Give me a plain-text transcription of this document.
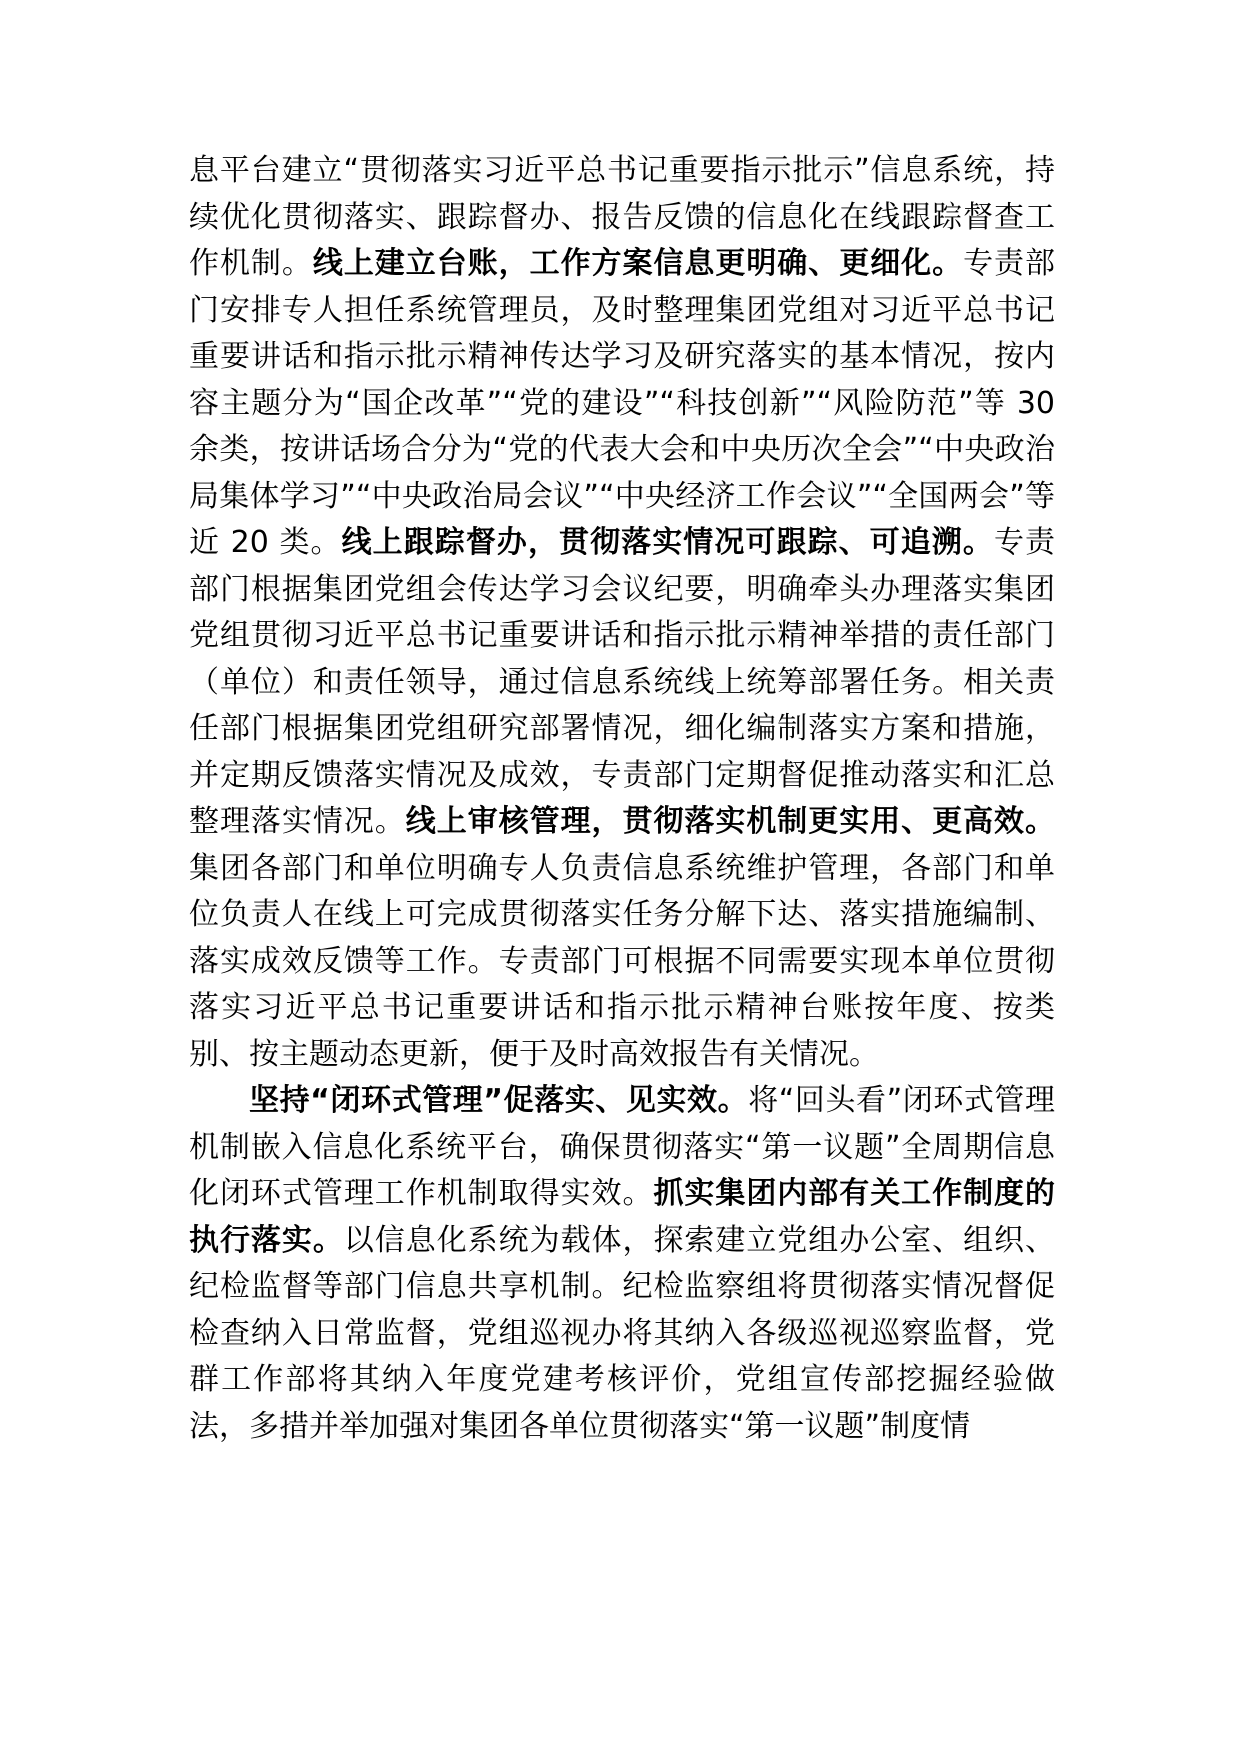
息平台建立“贯彻落实习近平总书记重要指示批示”信息系统，持续优化贯彻落实、跟踪督办、报告反馈的信息化在线跟踪督查工作机制。线上建立台账，工作方案信息更明确、更细化。专责部门安排专人担任系统管理员，及时整理集团党组对习近平总书记重要讲话和指示批示精神传达学习及研究落实的基本情况，按内容主题分为“国企改革”“党的建设”“科技创新”“风险防范”等 30 余类，按讲话场合分为“党的代表大会和中央历次全会”“中央政治局集体学习”“中央政治局会议”“中央经济工作会议”“全国两会”等近 20 类。线上跟踪督办，贯彻落实情况可跟踪、可追溯。专责部门根据集团党组会传达学习会议纪要，明确牵头办理落实集团党组贯彻习近平总书记重要讲话和指示批示精神举措的责任部门（单位）和责任领导，通过信息系统线上统筹部署任务。相关责任部门根据集团党组研究部署情况，细化编制落实方案和措施，并定期反馈落实情况及成效，专责部门定期督促推动落实和汇总整理落实情况。线上审核管理，贯彻落实机制更实用、更高效。集团各部门和单位明确专人负责信息系统维护管理，各部门和单位负责人在线上可完成贯彻落实任务分解下达、落实措施编制、落实成效反馈等工作。专责部门可根据不同需要实现本单位贯彻落实习近平总书记重要讲话和指示批示精神台账按年度、按类别、按主题动态更新，便于及时高效报告有关情况。

坚持“闭环式管理”促落实、见实效。将“回头看”闭环式管理机制嵌入信息化系统平台，确保贯彻落实“第一议题”全周期信息化闭环式管理工作机制取得实效。抓实集团内部有关工作制度的执行落实。以信息化系统为载体，探索建立党组办公室、组织、纪检监督等部门信息共享机制。纪检监察组将贯彻落实情况督促检查纳入日常监督，党组巡视办将其纳入各级巡视巡察监督，党群工作部将其纳入年度党建考核评价，党组宣传部挖掘经验做法，多措并举加强对集团各单位贯彻落实“第一议题”制度情
